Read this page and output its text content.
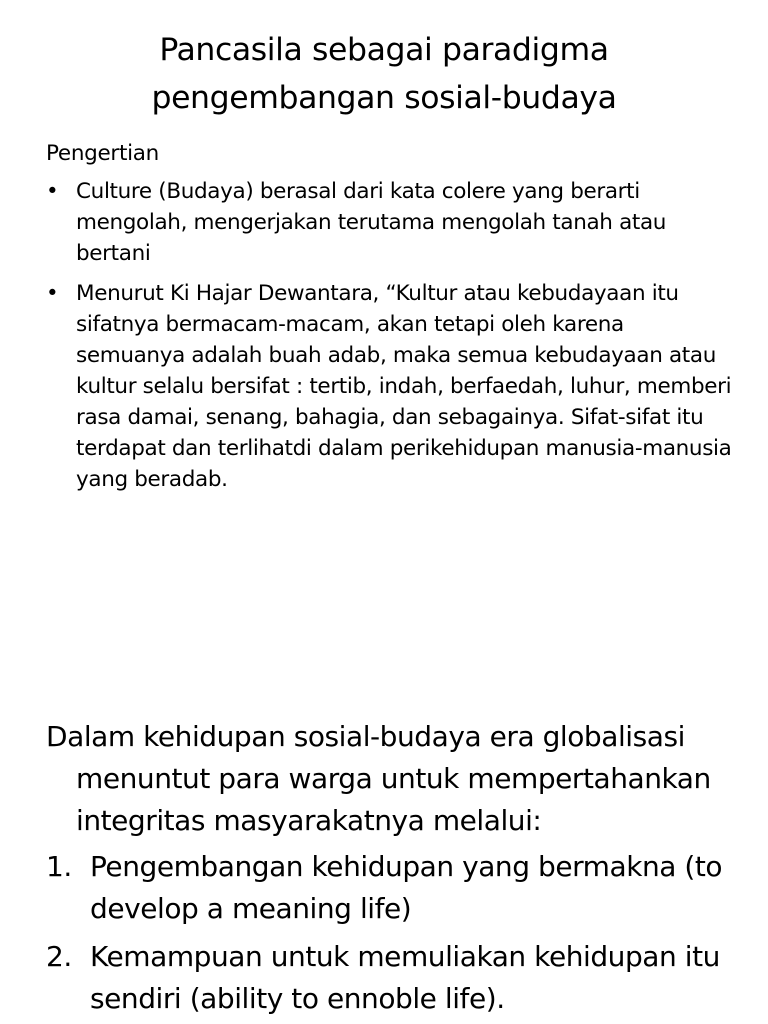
Pancasila sebagai paradigma
pengembangan sosial-budaya
Pengertian
• Culture (Budaya) berasal dari kata colere yang berarti mengolah, mengerjakan terutama mengolah tanah atau bertani
• Menurut Ki Hajar Dewantara, “Kultur atau kebudayaan itu sifatnya bermacam-macam, akan tetapi oleh karena semuanya adalah buah adab, maka semua kebudayaan atau kultur selalu bersifat : tertib, indah, berfaedah, luhur, memberi rasa damai, senang, bahagia, dan sebagainya. Sifat-sifat itu terdapat dan terlihatdi dalam perikehidupan manusia-manusia yang beradab.
Dalam kehidupan sosial-budaya era globalisasi menuntut para warga untuk mempertahankan integritas masyarakatnya melalui:
1. Pengembangan kehidupan yang bermakna (to develop a meaning life)
2. Kemampuan untuk memuliakan kehidupan itu sendiri (ability to ennoble life).
